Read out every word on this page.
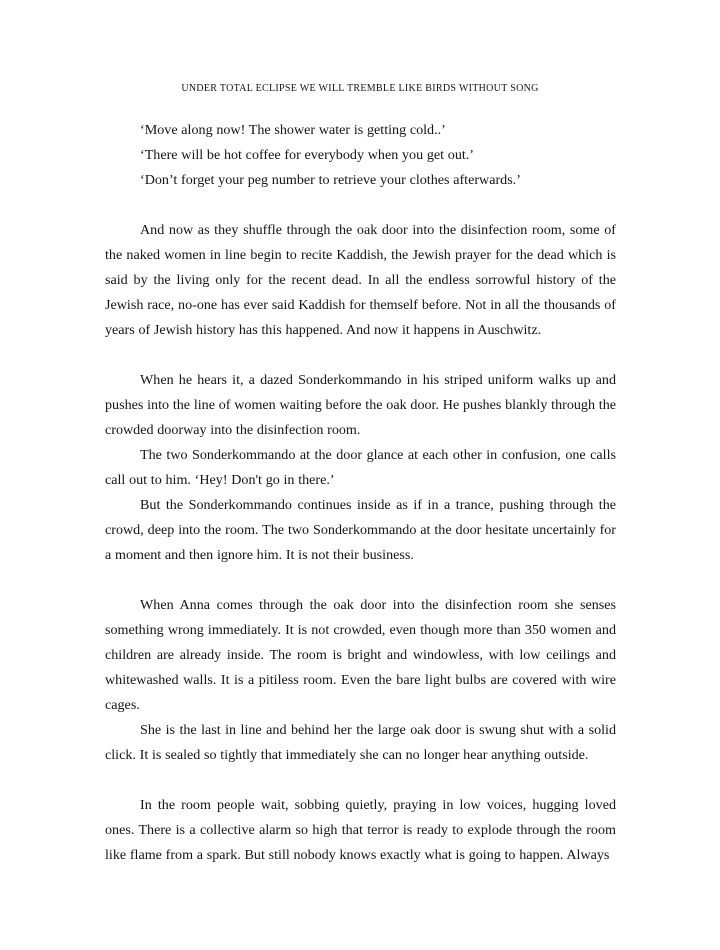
UNDER TOTAL ECLIPSE WE WILL TREMBLE LIKE BIRDS WITHOUT SONG

‘Move along now! The shower water is getting cold..’

‘There will be hot coffee for everybody when you get out.’

‘Don’t forget your peg number to retrieve your clothes afterwards.’

And now as they shuffle through the oak door into the disinfection room, some of the naked women in line begin to recite Kaddish, the Jewish prayer for the dead which is said by the living only for the recent dead. In all the endless sorrowful history of the Jewish race, no-one has ever said Kaddish for themself before. Not in all the thousands of years of Jewish history has this happened. And now it happens in Auschwitz.

When he hears it, a dazed Sonderkommando in his striped uniform walks up and pushes into the line of women waiting before the oak door. He pushes blankly through the crowded doorway into the disinfection room.

The two Sonderkommando at the door glance at each other in confusion, one calls call out to him. ‘Hey! Don't go in there.’

But the Sonderkommando continues inside as if in a trance, pushing through the crowd, deep into the room. The two Sonderkommando at the door hesitate uncertainly for a moment and then ignore him. It is not their business.

When Anna comes through the oak door into the disinfection room she senses something wrong immediately. It is not crowded, even though more than 350 women and children are already inside. The room is bright and windowless, with low ceilings and whitewashed walls. It is a pitiless room. Even the bare light bulbs are covered with wire cages.

She is the last in line and behind her the large oak door is swung shut with a solid click. It is sealed so tightly that immediately she can no longer hear anything outside.

In the room people wait, sobbing quietly, praying in low voices, hugging loved ones. There is a collective alarm so high that terror is ready to explode through the room like flame from a spark. But still nobody knows exactly what is going to happen. Always
